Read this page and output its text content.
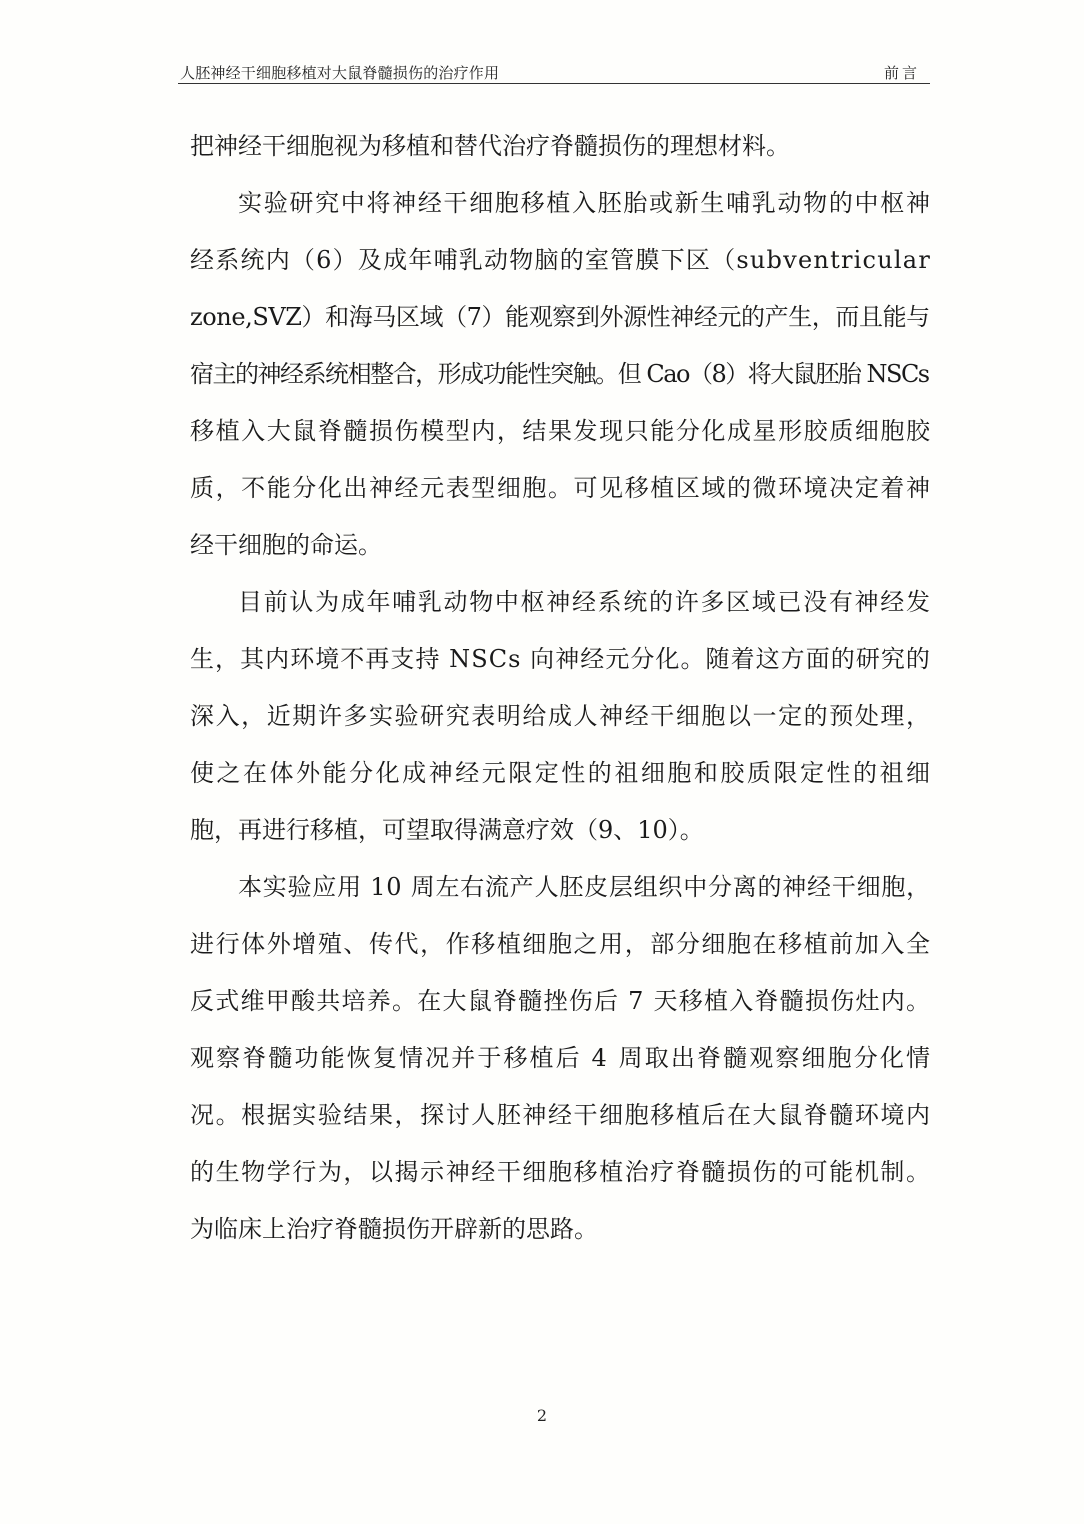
人胚神经干细胞移植对大鼠脊髓损伤的治疗作用	前言
把神经干细胞视为移植和替代治疗脊髓损伤的理想材料。
实验研究中将神经干细胞移植入胚胎或新生哺乳动物的中枢神
经系统内（6）及成年哺乳动物脑的室管膜下区（subventricular
zone,SVZ）和海马区域（7）能观察到外源性神经元的产生，而且能与
宿主的神经系统相整合，形成功能性突触。但 Cao（8）将大鼠胚胎 NSCs
移植入大鼠脊髓损伤模型内，结果发现只能分化成星形胶质细胞胶
质，不能分化出神经元表型细胞。可见移植区域的微环境决定着神
经干细胞的命运。
目前认为成年哺乳动物中枢神经系统的许多区域已没有神经发
生，其内环境不再支持 NSCs 向神经元分化。随着这方面的研究的
深入，近期许多实验研究表明给成人神经干细胞以一定的预处理，
使之在体外能分化成神经元限定性的祖细胞和胶质限定性的祖细
胞，再进行移植，可望取得满意疗效（9、10）。
本实验应用 10 周左右流产人胚皮层组织中分离的神经干细胞，
进行体外增殖、传代，作移植细胞之用，部分细胞在移植前加入全
反式维甲酸共培养。在大鼠脊髓挫伤后 7 天移植入脊髓损伤灶内。
观察脊髓功能恢复情况并于移植后 4 周取出脊髓观察细胞分化情
况。根据实验结果，探讨人胚神经干细胞移植后在大鼠脊髓环境内
的生物学行为，以揭示神经干细胞移植治疗脊髓损伤的可能机制。
为临床上治疗脊髓损伤开辟新的思路。
2
